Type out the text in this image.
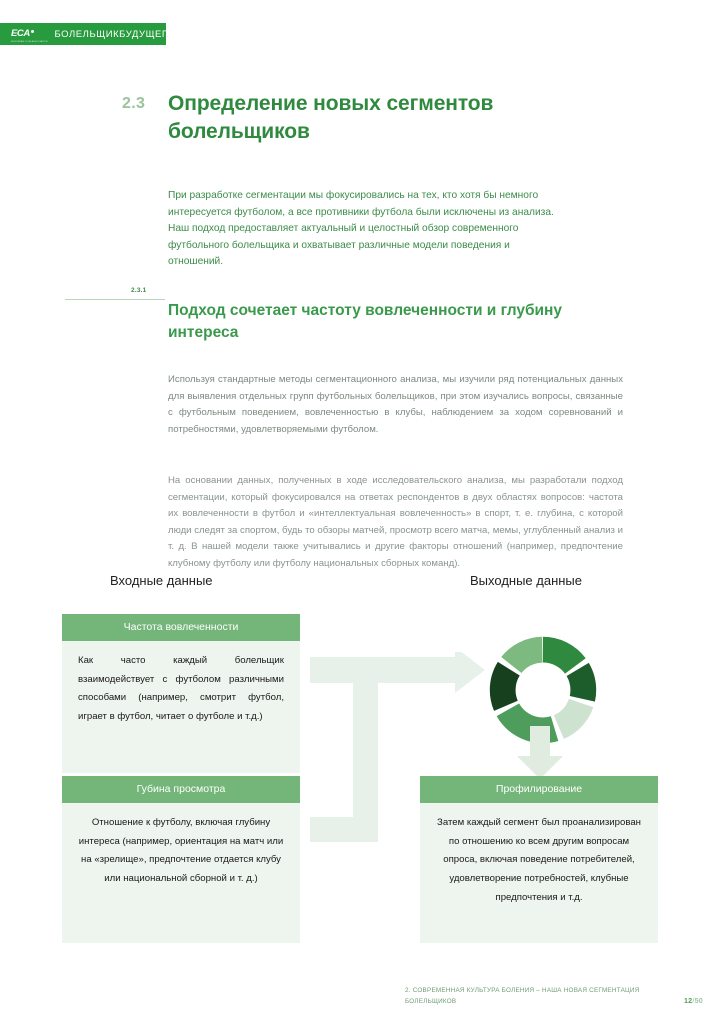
ECA
EUROPEAN CLUB ASSOCIATION
БОЛЕЛЬЩИКБУДУЩЕГО
2.3 Определение новых сегментов болельщиков
При разработке сегментации мы фокусировались на тех, кто хотя бы немного интересуется футболом, а все противники футбола были исключены из анализа. Наш подход предоставляет актуальный и целостный обзор современного футбольного болельщика и охватывает различные модели поведения и отношений.
2.3.1
Подход сочетает частоту вовлеченности и глубину интереса
Используя стандартные методы сегментационного анализа, мы изучили ряд потенциальных данных для выявления отдельных групп футбольных болельщиков, при этом изучались вопросы, связанные с футбольным поведением, вовлеченностью в клубы, наблюдением за ходом соревнований и потребностями, удовлетворяемыми футболом.
На основании данных, полученных в ходе исследовательского анализа, мы разработали подход сегментации, который фокусировался на ответах респондентов в двух областях вопросов: частота их вовлеченности в футбол и «интеллектуальная вовлеченность» в спорт, т. е. глубина, с которой люди следят за спортом, будь то обзоры матчей, просмотр всего матча, мемы, углубленный анализ и т. д. В нашей модели также учитывались и другие факторы отношений (например, предпочтение клубному футболу или футболу национальных сборных команд).
Входные данные	Выходные данные
Частота вовлеченности
Как часто каждый болельщик взаимодействует с футболом различными способами (например, смотрит футбол, играет в футбол, читает о футболе и т.д.)
Губина просмотра
Отношение к футболу, включая глубину интереса (например, ориентация на матч или на «зрелище», предпочтение отдается клубу или национальной сборной и т. д.)
Профилирование
Затем каждый сегмент был проанализирован по отношению ко всем другим вопросам опроса, включая поведение потребителей, удовлетворение потребностей, клубные предпочтения и т.д.
2. СОВРЕМЕННАЯ КУЛЬТУРА БОЛЕНИЯ – НАША НОВАЯ СЕГМЕНТАЦИЯ БОЛЕЛЬЩИКОВ	12/50
